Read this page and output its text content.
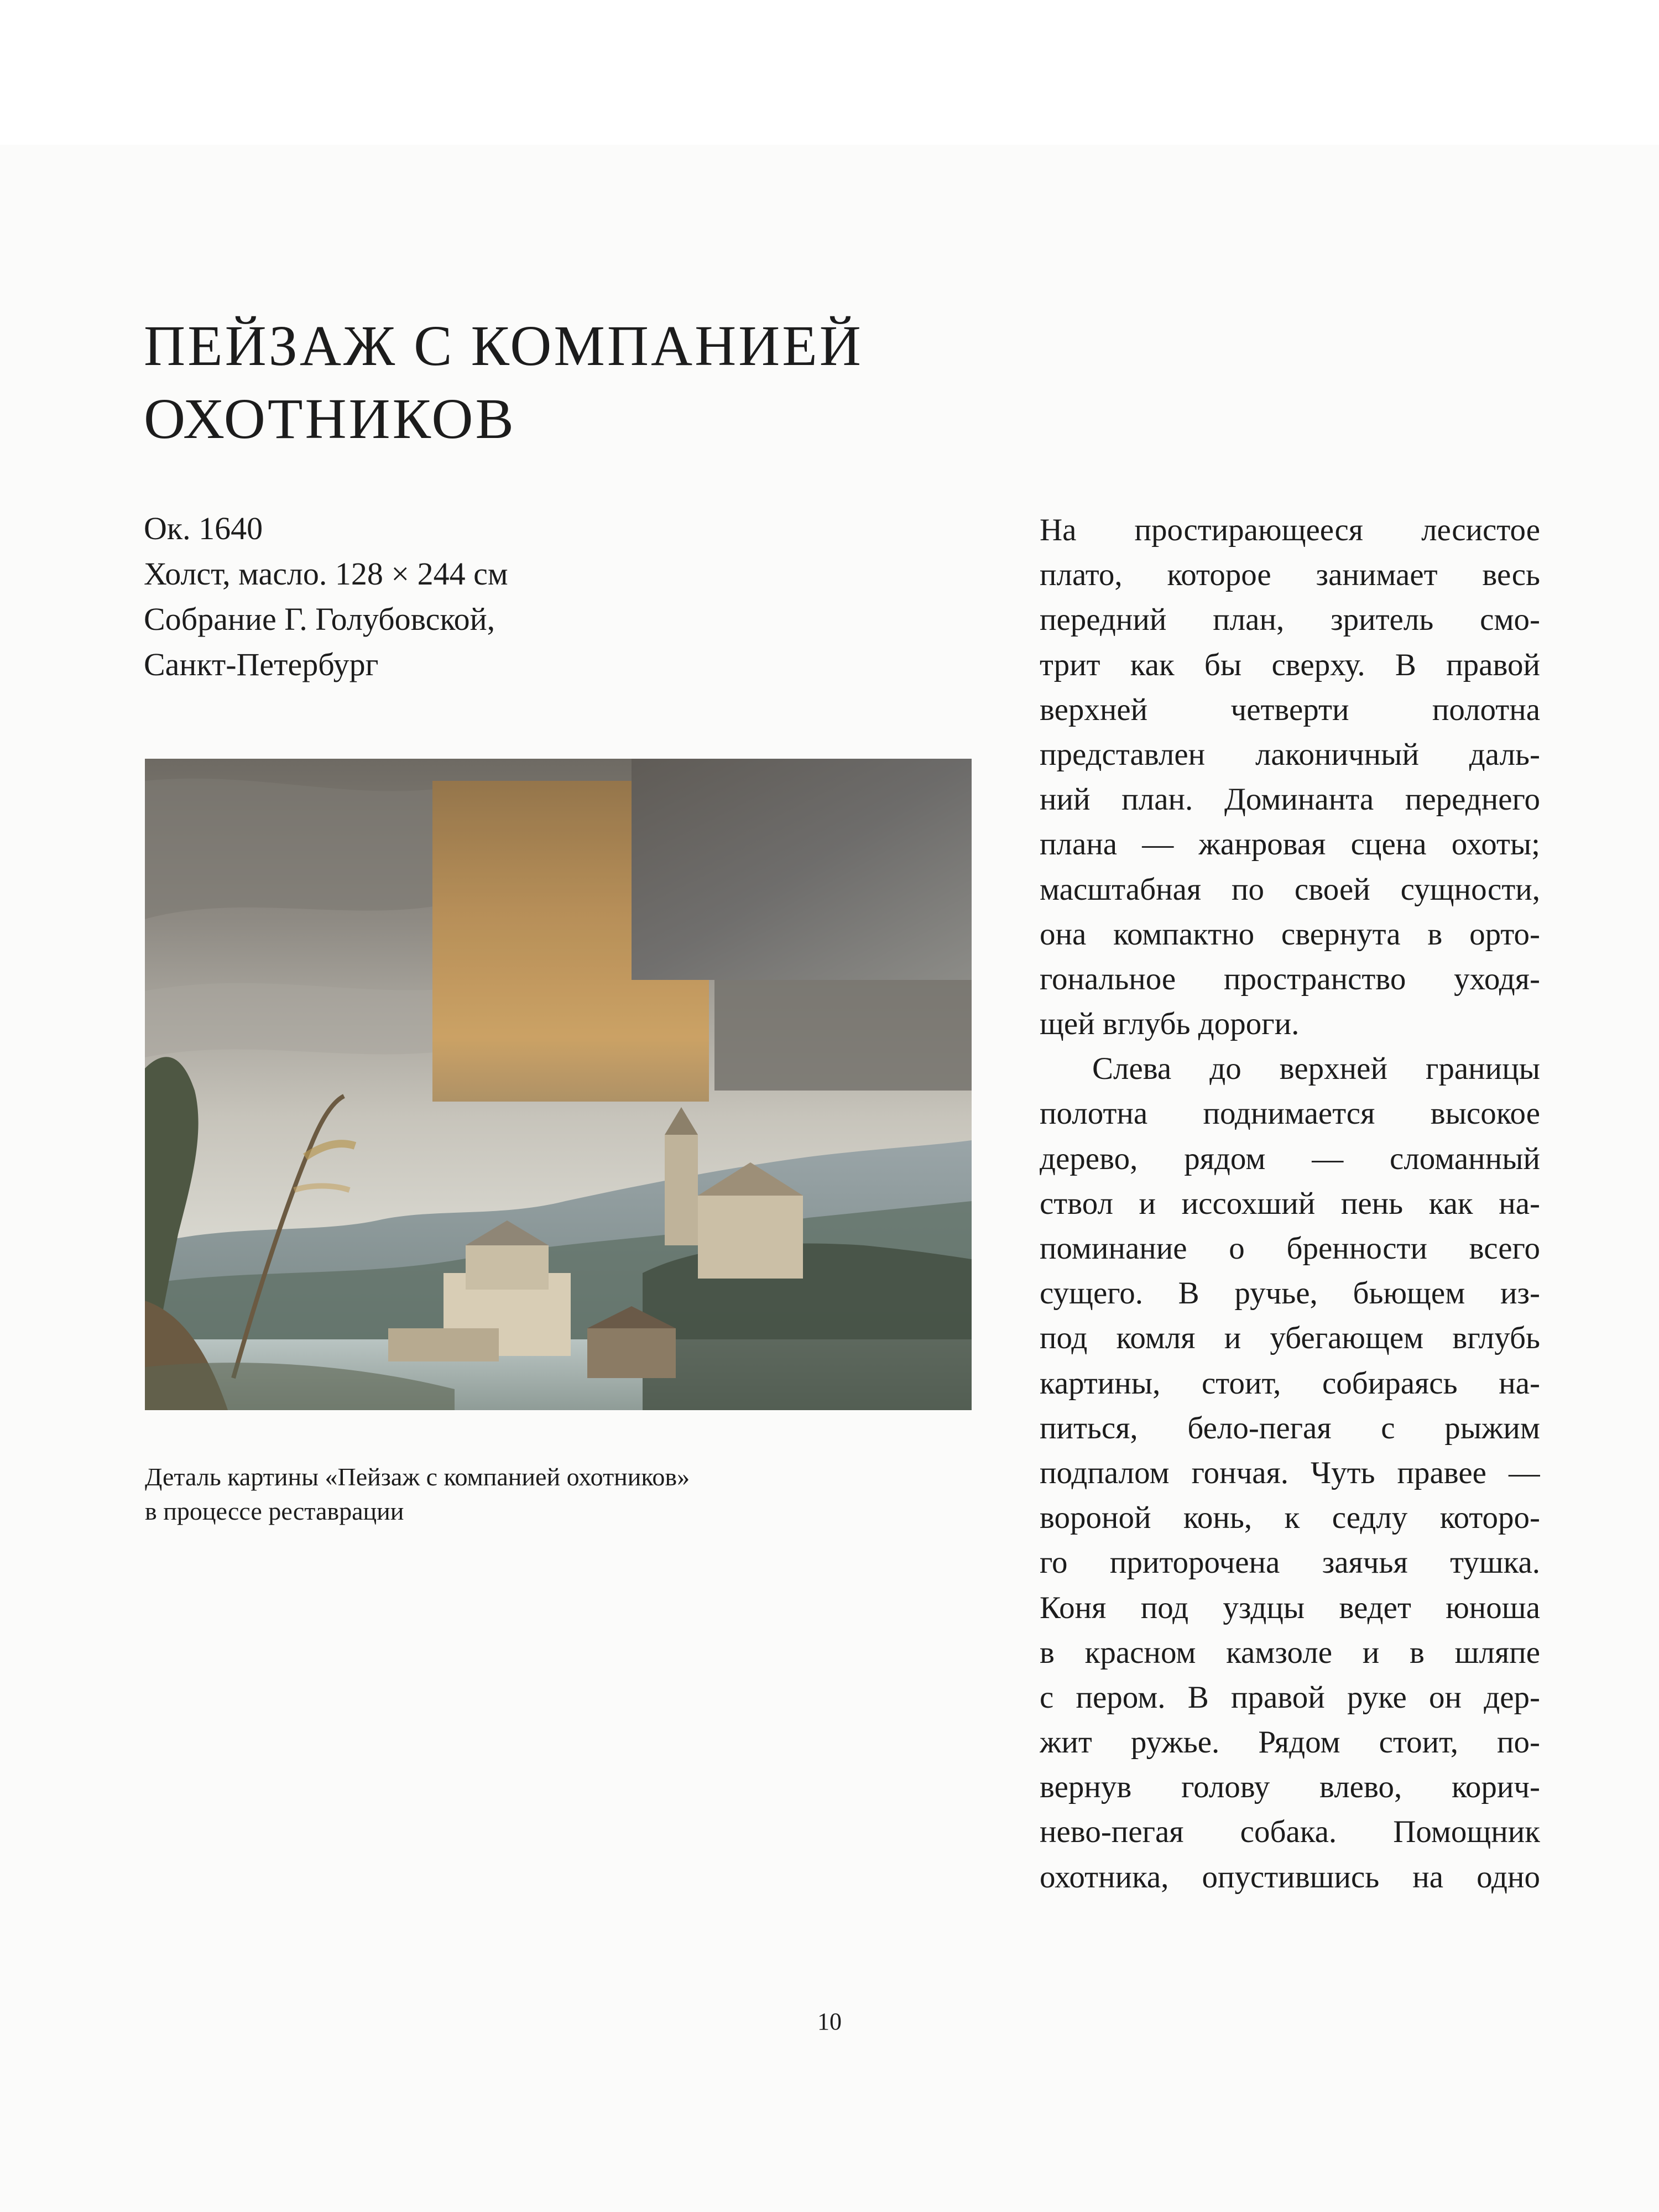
ПЕЙЗАЖ С КОМПАНИЕЙ
ОХОТНИКОВ
Ок. 1640
Холст, масло. 128 × 244 см
Собрание Г. Голубовской,
Санкт-Петербург
Деталь картины «Пейзаж с компанией охотников»
в процессе реставрации
На простирающееся лесистое
плато, которое занимает весь
передний план, зритель смо-
трит как бы сверху. В правой
верхней четверти полотна
представлен лаконичный даль-
ний план. Доминанта переднего
плана — жанровая сцена охоты;
масштабная по своей сущности,
она компактно свернута в орто-
гональное пространство уходя-
щей вглубь дороги.
Слева до верхней границы
полотна поднимается высокое
дерево, рядом — сломанный
ствол и иссохший пень как на-
поминание о бренности всего
сущего. В ручье, бьющем из-
под комля и убегающем вглубь
картины, стоит, собираясь на-
питься, бело-пегая с рыжим
подпалом гончая. Чуть правее —
вороной конь, к седлу которо-
го приторочена заячья тушка.
Коня под уздцы ведет юноша
в красном камзоле и в шляпе
с пером. В правой руке он дер-
жит ружье. Рядом стоит, по-
вернув голову влево, корич-
нево-пегая собака. Помощник
охотника, опустившись на одно
10
